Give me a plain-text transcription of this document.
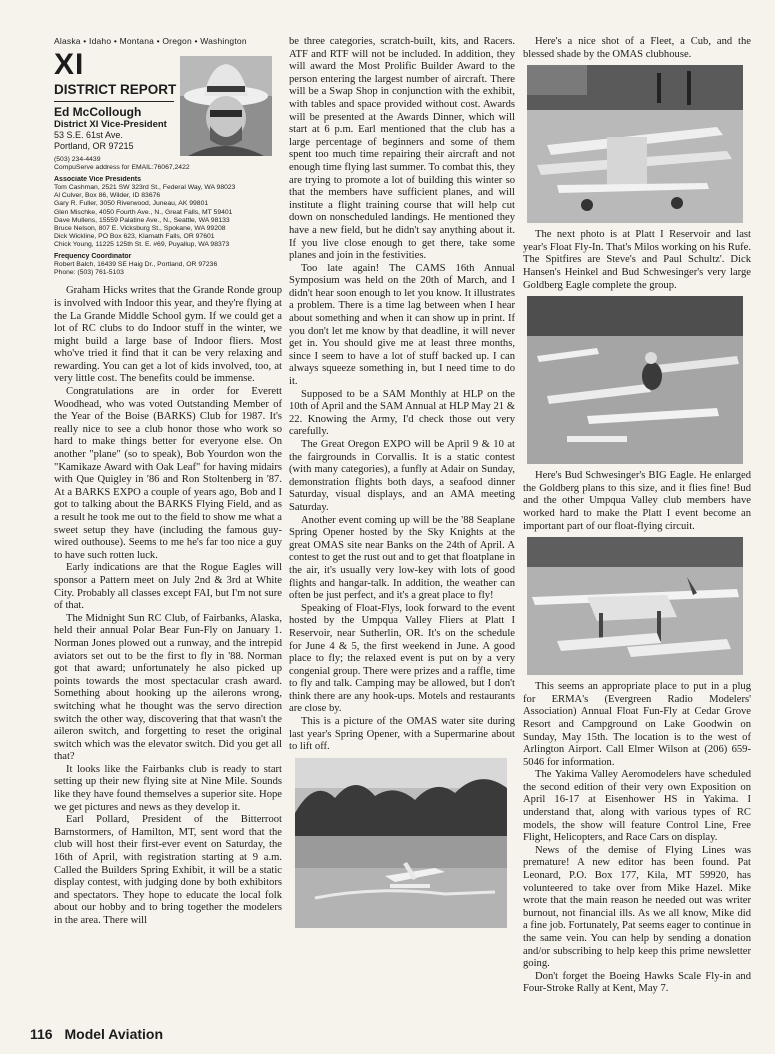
Alaska • Idaho • Montana • Oregon • Washington
XI
DISTRICT REPORT
Ed McCollough
District XI Vice-President
53 S.E. 61st Ave.
Portland, OR 97215
(503) 234-4439
CompuServe address for EMAIL:76067,2422
Associate Vice Presidents
Tom Cashman, 2521 SW 323rd St., Federal Way, WA 98023
Al Culver, Box 86, Wilder, ID 83676
Gary R. Fuller, 3050 Riverwood, Juneau, AK 99801
Glen Mischke, 4050 Fourth Ave., N., Great Falls, MT 59401
Dave Mullens, 15559 Palatine Ave., N., Seattle, WA 98133
Bruce Nelson, 807 E. Vicksburg St., Spokane, WA 99208
Dick Wickline, PO Box 623, Klamath Falls, OR 97601
Chick Young, 11225 125th St. E. #69, Puyallup, WA 98373
Frequency Coordinator
Robert Balch, 16439 SE Haig Dr., Portland, OR 97236
Phone: (503) 761-5103

Graham Hicks writes that the Grande Ronde group is involved with Indoor this year, and they're flying at the La Grande Middle School gym. If we could get a lot of RC clubs to do Indoor stuff in the winter, we might build a large base of Indoor fliers. Most who've tried it find that it can be very relaxing and rewarding. You can get a lot of kids involved, too, at very little cost. The benefits could be immense.

Congratulations are in order for Everett Woodhead, who was voted Outstanding Member of the Year of the Boise (BARKS) Club for 1987. It's really nice to see a club honor those who work so hard to make things better for everyone else. On another "plane" (so to speak), Bob Yourdon won the "Kamikaze Award with Oak Leaf" for having midairs with Que Quigley in '86 and Ron Stoltenberg in '87. At a BARKS EXPO a couple of years ago, Bob and I got to talking about the BARKS Flying Field, and as a result he took me out to the field to show me what a sweet setup they have (including the famous guy-wired outhouse). Seems to me he's far too nice a guy to have such rotten luck.

Early indications are that the Rogue Eagles will sponsor a Pattern meet on July 2nd & 3rd at White City. Probably all classes except FAI, but I'm not sure of that.

The Midnight Sun RC Club, of Fairbanks, Alaska, held their annual Polar Bear Fun-Fly on January 1. Norman Jones plowed out a runway, and the intrepid aviators set out to be the first to fly in '88. Norman got that award; unfortunately he also picked up points towards the most spectacular crash award. Something about hooking up the ailerons wrong, switching what he thought was the servo direction switch the other way, discovering that that wasn't the aileron switch, and forgetting to reset the original switch which was the elevator switch. Did you get all that?

It looks like the Fairbanks club is ready to start setting up their new flying site at Nine Mile. Sounds like they have found themselves a superior site. Hope we get pictures and news as they develop it.

Earl Pollard, President of the Bitterroot Barnstormers, of Hamilton, MT, sent word that the club will host their first-ever event on Saturday, the 16th of April, with registration starting at 9 a.m. Called the Builders Spring Exhibit, it will be a static display contest, with judging done by both exhibitors and spectators. They hope to educate the local folk about our hobby and to bring together the modelers in the area. There will

be three categories, scratch-built, kits, and Racers. ATF and RTF will not be included. In addition, they will award the Most Prolific Builder Award to the person entering the largest number of aircraft. There will be a Swap Shop in conjunction with the exhibit, with tables and space provided without cost. Awards will be presented at the Awards Dinner, which will start at 6 p.m. Earl mentioned that the club has a large percentage of beginners and some of them spent too much time repairing their aircraft and not enough time flying last summer. To combat this, they are trying to promote a lot of building this winter so that the members have sufficient planes, and will institute a flight training course that will help cut down on nonscheduled landings. He mentioned they have a new field, but he didn't say anything about it. If you live close enough to get there, take some planes and join in the festivities.

Too late again! The CAMS 16th Annual Symposium was held on the 20th of March, and I didn't hear soon enough to let you know. It illustrates a problem. There is a time lag between when I hear about something and when it can show up in print. If you don't let me know by that deadline, it will never get in. You should give me at least three months, since I seem to have a lot of stuff backed up. I can always squeeze something in, but I need time to do it.

Supposed to be a SAM Monthly at HLP on the 10th of April and the SAM Annual at HLP May 21 & 22. Knowing the Army, I'd check those out very carefully.

The Great Oregon EXPO will be April 9 & 10 at the fairgrounds in Corvallis. It is a static contest (with many categories), a funfly at Adair on Sunday, demonstration flights both days, a seafood dinner Saturday, visual displays, and an AMA meeting Saturday.

Another event coming up will be the '88 Seaplane Spring Opener hosted by the Sky Knights at the great OMAS site near Banks on the 24th of April. A contest to get the rust out and to get that floatplane in the air, it's usually very low-key with lots of good flights and hangar-talk. In addition, the weather can often be just perfect, and it's a great place to fly!

Speaking of Float-Flys, look forward to the event hosted by the Umpqua Valley Fliers at Platt I Reservoir, near Sutherlin, OR. It's on the schedule for June 4 & 5, the first weekend in June. A good place to fly; the relaxed event is put on by a very congenial group. There were prizes and a raffle, time to fly and talk. Camping may be allowed, but I don't think there are any hook-ups. Motels and restaurants are close by.

This is a picture of the OMAS water site during last year's Spring Opener, with a Supermarine about to lift off.

Here's a nice shot of a Fleet, a Cub, and the blessed shade by the OMAS clubhouse.

The next photo is at Platt I Reservoir and last year's Float Fly-In. That's Milos working on his Rufe. The Spitfires are Steve's and Paul Schultz'. Dick Hansen's Heinkel and Bud Schwesinger's very large Goldberg Eagle complete the group.

Here's Bud Schwesinger's BIG Eagle. He enlarged the Goldberg plans to this size, and it flies fine! Bud and the other Umpqua Valley club members have worked hard to make the Platt I event become an important part of our float-flying circuit.

This seems an appropriate place to put in a plug for ERMA's (Evergreen Radio Modelers' Association) Annual Float Fun-Fly at Cedar Grove Resort and Campground on Lake Goodwin on Sunday, May 15th. The location is to the west of Arlington Airport. Call Elmer Wilson at (206) 659-5046 for information.

The Yakima Valley Aeromodelers have scheduled the second edition of their very own Exposition on April 16-17 at Eisenhower HS in Yakima. I understand that, along with various types of RC models, the show will feature Control Line, Free Flight, Helicopters, and Race Cars on display.

News of the demise of Flying Lines was premature! A new editor has been found. Pat Leonard, P.O. Box 177, Kila, MT 59920, has volunteered to take over from Mike Hazel. Mike wrote that the main reason he needed out was writer burnout, not financial ills. As we all know, Mike did a fine job. Fortunately, Pat seems eager to continue in the same vein. You can help by sending a donation and/or subscribing to help keep this prime newsletter going.

Don't forget the Boeing Hawks Scale Fly-in and Four-Stroke Rally at Kent, May 7.

116 Model Aviation
